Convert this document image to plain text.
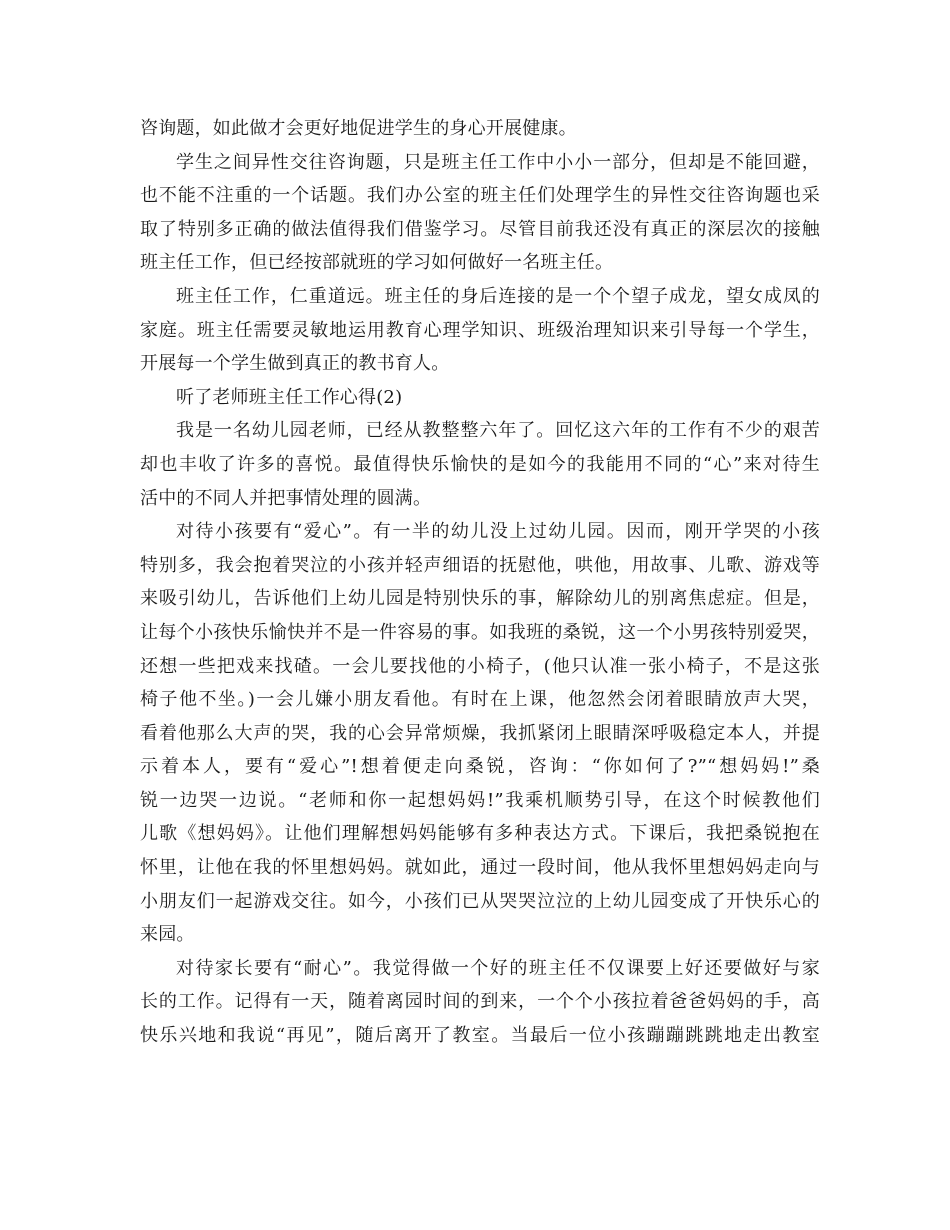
咨询题，如此做才会更好地促进学生的身心开展健康。
学生之间异性交往咨询题，只是班主任工作中小小一部分，但却是不能回避，
也不能不注重的一个话题。我们办公室的班主任们处理学生的异性交往咨询题也采
取了特别多正确的做法值得我们借鉴学习。尽管目前我还没有真正的深层次的接触
班主任工作，但已经按部就班的学习如何做好一名班主任。
班主任工作，仁重道远。班主任的身后连接的是一个个望子成龙，望女成凤的
家庭。班主任需要灵敏地运用教育心理学知识、班级治理知识来引导每一个学生，
开展每一个学生做到真正的教书育人。
听了老师班主任工作心得(2)
我是一名幼儿园老师，已经从教整整六年了。回忆这六年的工作有不少的艰苦
却也丰收了许多的喜悦。最值得快乐愉快的是如今的我能用不同的“心”来对待生
活中的不同人并把事情处理的圆满。
对待小孩要有“爱心”。有一半的幼儿没上过幼儿园。因而，刚开学哭的小孩
特别多，我会抱着哭泣的小孩并轻声细语的抚慰他，哄他，用故事、儿歌、游戏等
来吸引幼儿，告诉他们上幼儿园是特别快乐的事，解除幼儿的别离焦虑症。但是，
让每个小孩快乐愉快并不是一件容易的事。如我班的桑锐，这一个小男孩特别爱哭，
还想一些把戏来找碴。一会儿要找他的小椅子，(他只认准一张小椅子，不是这张
椅子他不坐。)一会儿嫌小朋友看他。有时在上课，他忽然会闭着眼睛放声大哭，
看着他那么大声的哭，我的心会异常烦燥，我抓紧闭上眼睛深呼吸稳定本人，并提
示着本人，要有“爱心”!想着便走向桑锐，咨询：“你如何了?”“想妈妈!”桑
锐一边哭一边说。“老师和你一起想妈妈!”我乘机顺势引导，在这个时候教他们
儿歌《想妈妈》。让他们理解想妈妈能够有多种表达方式。下课后，我把桑锐抱在
怀里，让他在我的怀里想妈妈。就如此，通过一段时间，他从我怀里想妈妈走向与
小朋友们一起游戏交往。如今，小孩们已从哭哭泣泣的上幼儿园变成了开快乐心的
来园。
对待家长要有“耐心”。我觉得做一个好的班主任不仅课要上好还要做好与家
长的工作。记得有一天，随着离园时间的到来，一个个小孩拉着爸爸妈妈的手，高
快乐兴地和我说“再见”，随后离开了教室。当最后一位小孩蹦蹦跳跳地走出教室
